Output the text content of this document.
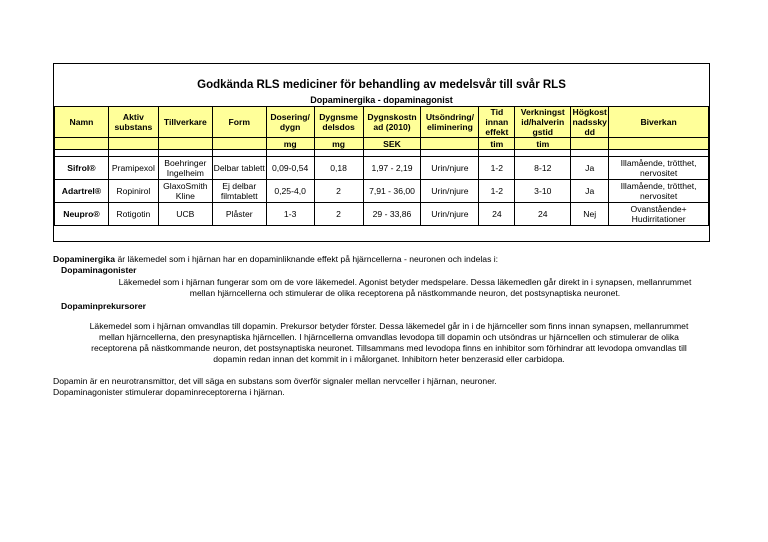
Godkända RLS mediciner för behandling av medelsvår till svår RLS
Dopaminergika - dopaminagonist
Namn	Aktiv substans	Tillverkare	Form	Dosering/ dygn	Dygnsme delsdos	Dygnskostn ad (2010)	Utsöndring/ eliminering	Tid innan effekt	Verkningst id/halverin gstid	Högkost nadssky dd	Biverkan
				mg	mg	SEK		tim	tim		

Sifrol®	Pramipexol	Boehringer Ingelheim	Delbar tablett	0,09-0,54	0,18	1,97 - 2,19	Urin/njure	1-2	8-12	Ja	Illamående, trötthet, nervositet
Adartrel®	Ropinirol	GlaxoSmith Kline	Ej delbar filmtablett	0,25-4,0	2	7,91 - 36,00	Urin/njure	1-2	3-10	Ja	Illamående, trötthet, nervositet
Neupro®	Rotigotin	UCB	Plåster	1-3	2	29 - 33,86	Urin/njure	24	24	Nej	Ovanstående+ Hudirritationer
Dopaminergika är läkemedel som i hjärnan har en dopaminliknande effekt på hjärncellerna - neuronen och indelas i:
Dopaminagonister
Läkemedel som i hjärnan fungerar som om de vore läkemedel. Agonist betyder medspelare. Dessa läkemedlen går direkt in i synapsen, mellanrummet mellan hjärncellerna och stimulerar de olika receptorena på nästkommande neuron, det postsynaptiska neuronet.
Dopaminprekursorer
Läkemedel som i hjärnan omvandlas till dopamin. Prekursor betyder förstег. Dessa läkemedel går in i de hjärnceller som finns innan synapsen, mellanrummet mellan hjärncellerna, den presynaptiska hjärncellen. I hjärncellerna omvandlas levodopa till dopamin och utsöndras ur hjärncellen och stimulerar de olika receptorena på nästkommande neuron, det postsynaptiska neuronet. Tillsammans med levodopa finns en inhibitor som förhindrar att levodopa omvandlas till dopamin redan innan det kommit in i målorganet. Inhibitorn heter benzerasid eller carbidopa.
Dopamin är en neurotransmittor, det vill säga en substans som överför signaler mellan nervceller i hjärnan, neuroner.
Dopaminagonister stimulerar dopaminreceptorerna i hjärnan.
